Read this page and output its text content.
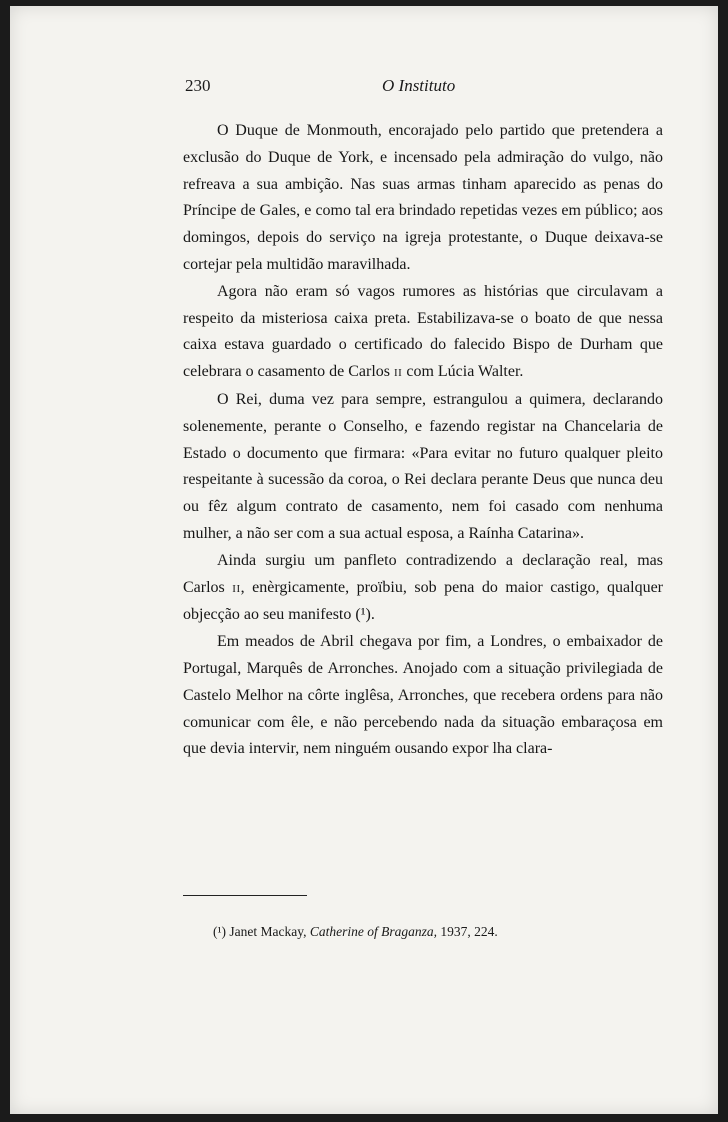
230	O Instituto

O Duque de Monmouth, encorajado pelo partido que pretendera a exclusão do Duque de York, e incensado pela admiração do vulgo, não refreava a sua ambição. Nas suas armas tinham aparecido as penas do Príncipe de Gales, e como tal era brindado repetidas vezes em público; aos domingos, depois do serviço na igreja protestante, o Duque deixava-se cortejar pela multidão maravilhada.

Agora não eram só vagos rumores as histórias que circulavam a respeito da misteriosa caixa preta. Estabilizava-se o boato de que nessa caixa estava guardado o certificado do falecido Bispo de Durham que celebrara o casamento de Carlos II com Lúcia Walter.

O Rei, duma vez para sempre, estrangulou a quimera, declarando solenemente, perante o Conselho, e fazendo registar na Chancelaria de Estado o documento que firmara: «Para evitar no futuro qualquer pleito respeitante à sucessão da coroa, o Rei declara perante Deus que nunca deu ou fêz algum contrato de casamento, nem foi casado com nenhuma mulher, a não ser com a sua actual esposa, a Raínha Catarina».

Ainda surgiu um panfleto contradizendo a declaração real, mas Carlos II, enèrgicamente, proïbiu, sob pena do maior castigo, qualquer objecção ao seu manifesto (¹).

Em meados de Abril chegava por fim, a Londres, o embaixador de Portugal, Marquês de Arronches. Anojado com a situação privilegiada de Castelo Melhor na côrte inglêsa, Arronches, que recebera ordens para não comunicar com êle, e não percebendo nada da situação embaraçosa em que devia intervir, nem ninguém ousando expor lha clara-

(¹) Janet Mackay, Catherine of Braganza, 1937, 224.
